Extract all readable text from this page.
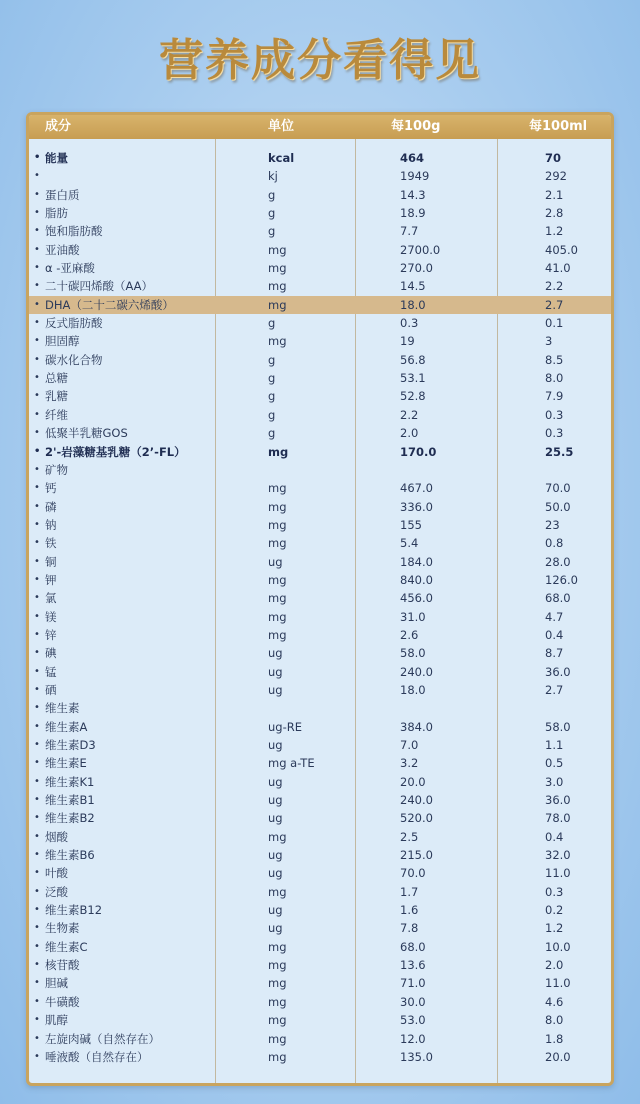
营养成分看得见
成分	单位	每100g	每100ml
• 能量	kcal	464	70
•	kj	1949	292
• 蛋白质	g	14.3	2.1
• 脂肪	g	18.9	2.8
• 饱和脂肪酸	g	7.7	1.2
• 亚油酸	mg	2700.0	405.0
• α -亚麻酸	mg	270.0	41.0
• 二十碳四烯酸（AA）	mg	14.5	2.2
• DHA（二十二碳六烯酸）	mg	18.0	2.7
• 反式脂肪酸	g	0.3	0.1
• 胆固醇	mg	19	3
• 碳水化合物	g	56.8	8.5
• 总糖	g	53.1	8.0
• 乳糖	g	52.8	7.9
• 纤维	g	2.2	0.3
• 低聚半乳糖GOS	g	2.0	0.3
• 2'-岩藻糖基乳糖（2’-FL）	mg	170.0	25.5
• 矿物
• 钙	mg	467.0	70.0
• 磷	mg	336.0	50.0
• 钠	mg	155	23
• 铁	mg	5.4	0.8
• 铜	ug	184.0	28.0
• 钾	mg	840.0	126.0
• 氯	mg	456.0	68.0
• 镁	mg	31.0	4.7
• 锌	mg	2.6	0.4
• 碘	ug	58.0	8.7
• 锰	ug	240.0	36.0
• 硒	ug	18.0	2.7
• 维生素
• 维生素A	ug-RE	384.0	58.0
• 维生素D3	ug	7.0	1.1
• 维生素E	mg a-TE	3.2	0.5
• 维生素K1	ug	20.0	3.0
• 维生素B1	ug	240.0	36.0
• 维生素B2	ug	520.0	78.0
• 烟酸	mg	2.5	0.4
• 维生素B6	ug	215.0	32.0
• 叶酸	ug	70.0	11.0
• 泛酸	mg	1.7	0.3
• 维生素B12	ug	1.6	0.2
• 生物素	ug	7.8	1.2
• 维生素C	mg	68.0	10.0
• 核苷酸	mg	13.6	2.0
• 胆碱	mg	71.0	11.0
• 牛磺酸	mg	30.0	4.6
• 肌醇	mg	53.0	8.0
• 左旋肉碱（自然存在）	mg	12.0	1.8
• 唾液酸（自然存在）	mg	135.0	20.0
